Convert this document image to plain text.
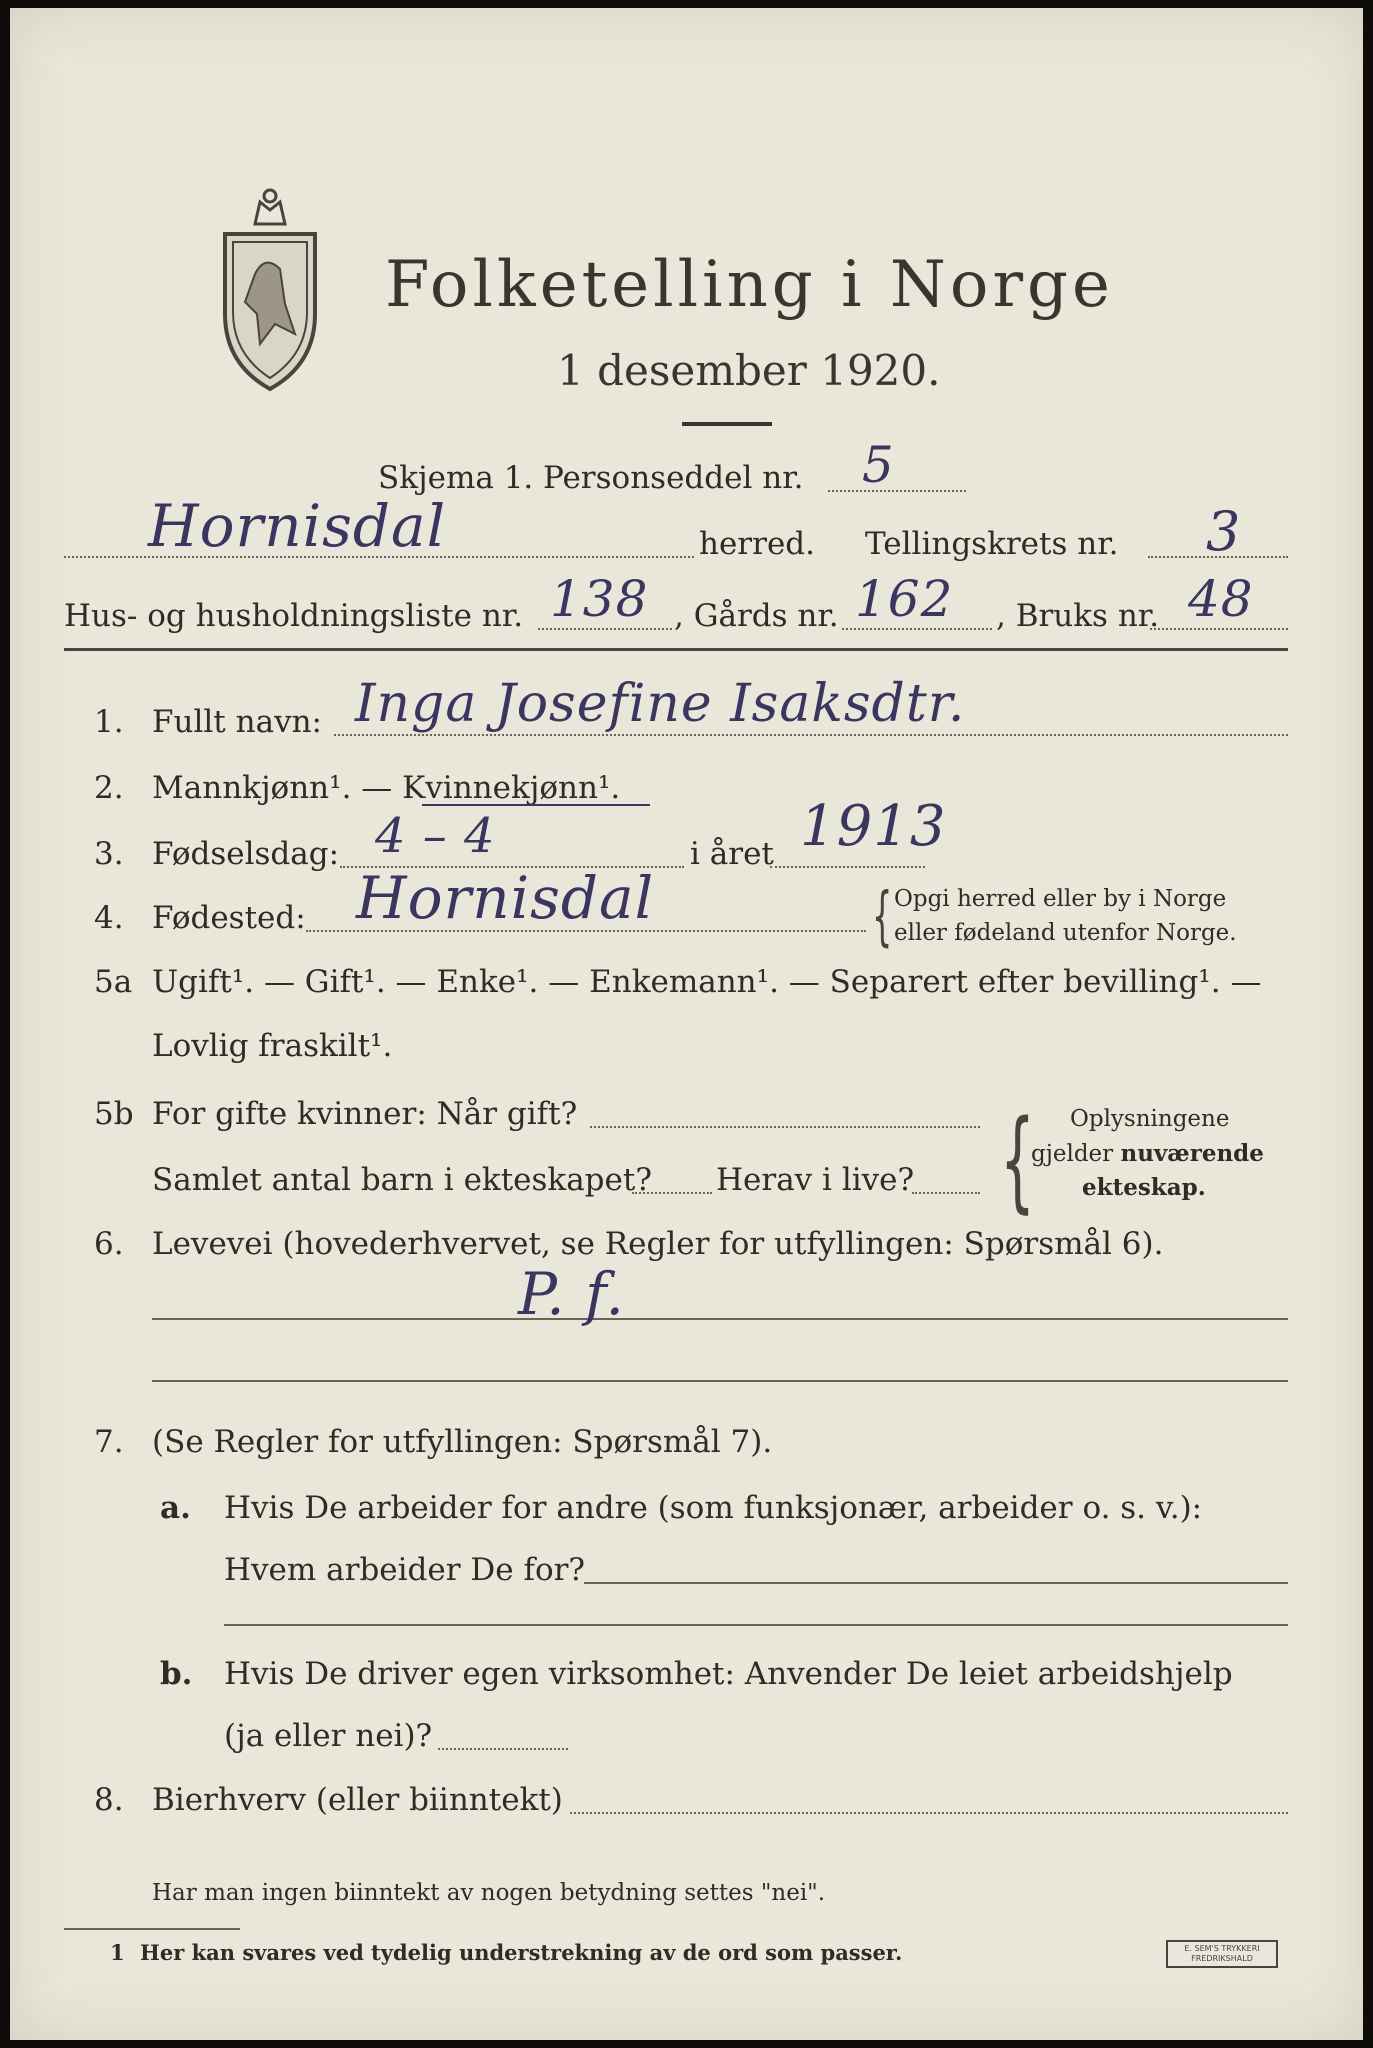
Folketelling i Norge
1 desember 1920.
Skjema 1. Personseddel nr. 5
Hornisdal	herred. Tellingskrets nr. 3
Hus- og husholdningsliste nr. 138 , Gårds nr. 162 , Bruks nr. 48
1. Fullt navn: Inga Josefine Isaksdtr.
2. Mannkjønn¹. — Kvinnekjønn¹.
3. Fødselsdag: 4 – 4	i året 1913
4. Fødested: Hornisdal	{ Opgi herred eller by i Norge
eller fødeland utenfor Norge.
5a Ugift¹. — Gift¹. — Enke¹. — Enkemann¹. — Separert efter bevilling¹. —
Lovlig fraskilt¹.
5b For gifte kvinner: Når gift?
Samlet antal barn i ekteskapet? Herav i live? { Oplysningene
gjelder nuværende
ekteskap.
6. Levevei (hovederhvervet, se Regler for utfyllingen: Spørsmål 6).
P. f.
7. (Se Regler for utfyllingen: Spørsmål 7).
a. Hvis De arbeider for andre (som funksjonær, arbeider o. s. v.):
Hvem arbeider De for?
b. Hvis De driver egen virksomhet: Anvender De leiet arbeidshjelp
(ja eller nei)?
8. Bierhverv (eller biinntekt)
Har man ingen biinntekt av nogen betydning settes "nei".
1 Her kan svares ved tydelig understrekning av de ord som passer.	E. SEM'S TRYKKERI
FREDRIKSHALD
